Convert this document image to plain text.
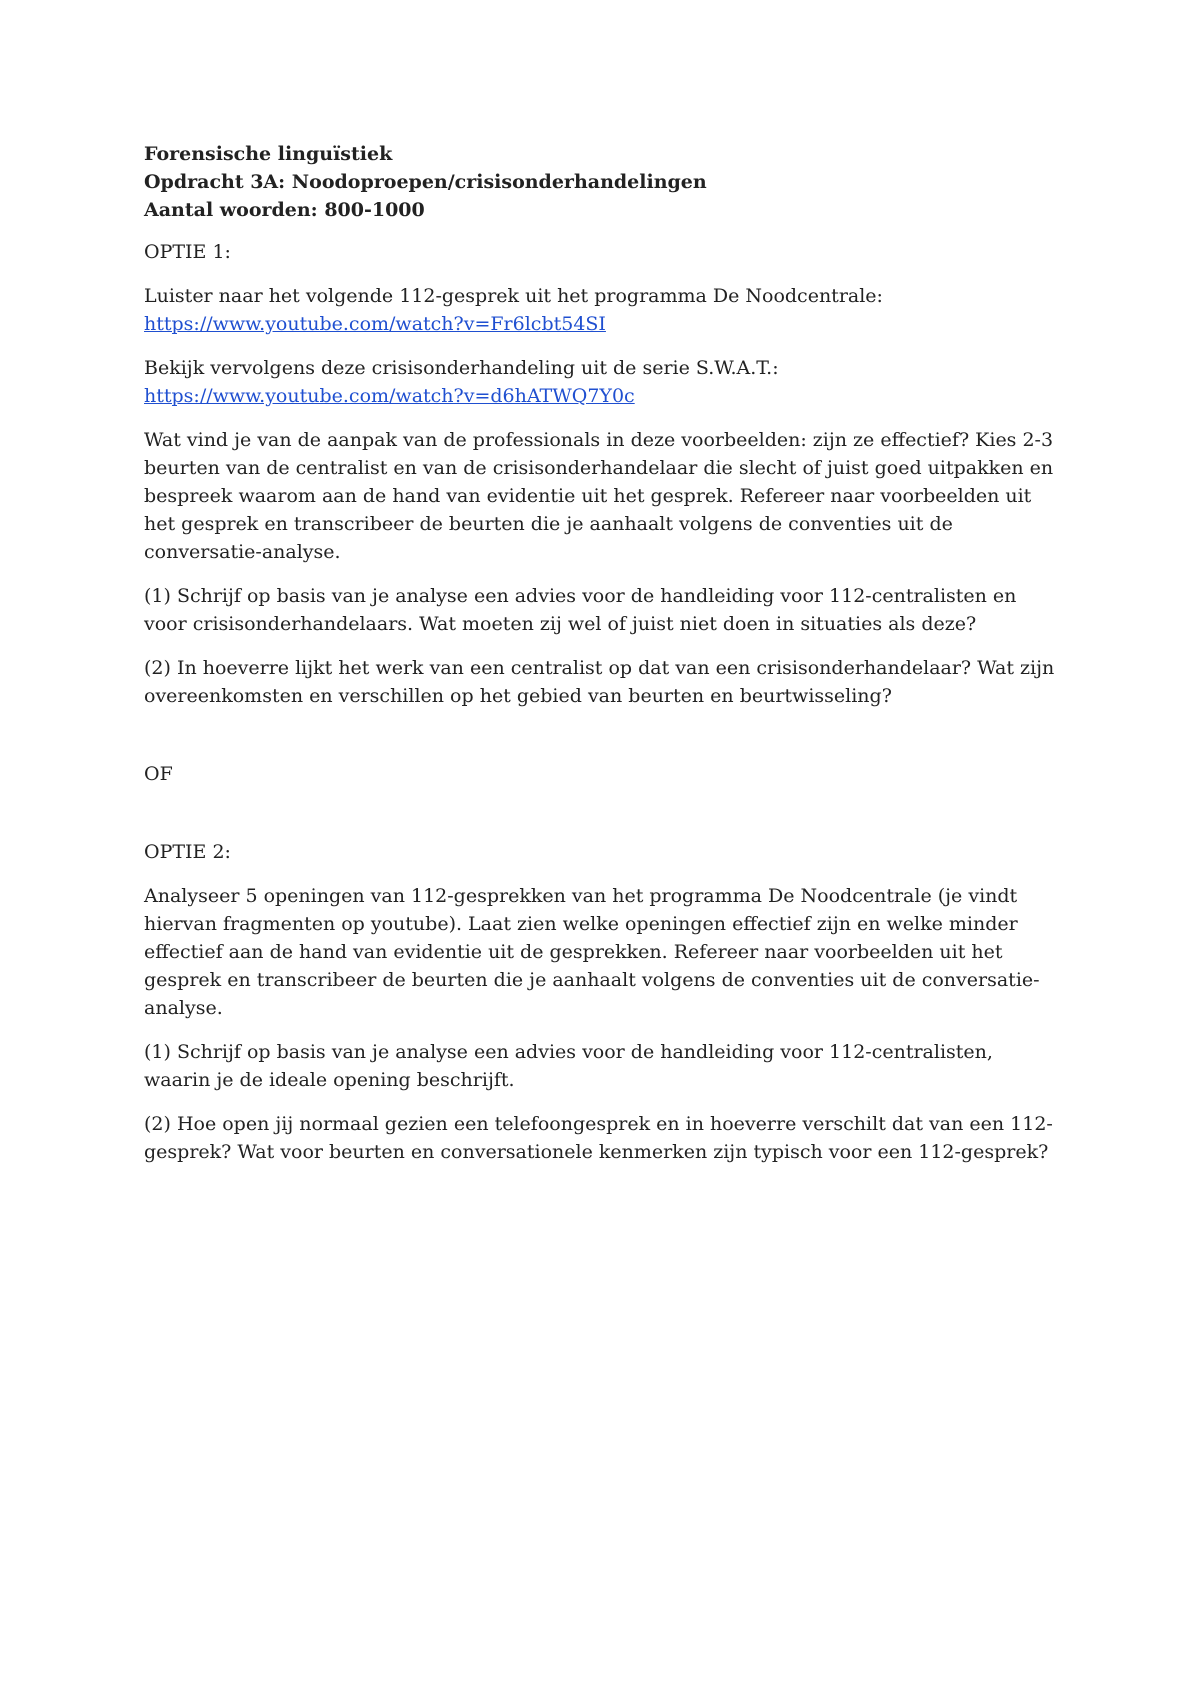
Forensische linguïstiek
Opdracht 3A: Noodoproepen/crisisonderhandelingen
Aantal woorden: 800-1000

OPTIE 1:

Luister naar het volgende 112-gesprek uit het programma De Noodcentrale:
https://www.youtube.com/watch?v=Fr6lcbt54SI

Bekijk vervolgens deze crisisonderhandeling uit de serie S.W.A.T.:
https://www.youtube.com/watch?v=d6hATWQ7Y0c

Wat vind je van de aanpak van de professionals in deze voorbeelden: zijn ze effectief? Kies 2-3 beurten van de centralist en van de crisisonderhandelaar die slecht of juist goed uitpakken en bespreek waarom aan de hand van evidentie uit het gesprek. Refereer naar voorbeelden uit het gesprek en transcribeer de beurten die je aanhaalt volgens de conventies uit de conversatie-analyse.

(1) Schrijf op basis van je analyse een advies voor de handleiding voor 112-centralisten en voor crisisonderhandelaars. Wat moeten zij wel of juist niet doen in situaties als deze?

(2) In hoeverre lijkt het werk van een centralist op dat van een crisisonderhandelaar? Wat zijn overeenkomsten en verschillen op het gebied van beurten en beurtwisseling?

OF

OPTIE 2:

Analyseer 5 openingen van 112-gesprekken van het programma De Noodcentrale (je vindt hiervan fragmenten op youtube). Laat zien welke openingen effectief zijn en welke minder effectief aan de hand van evidentie uit de gesprekken. Refereer naar voorbeelden uit het gesprek en transcribeer de beurten die je aanhaalt volgens de conventies uit de conversatie-analyse.

(1) Schrijf op basis van je analyse een advies voor de handleiding voor 112-centralisten, waarin je de ideale opening beschrijft.

(2) Hoe open jij normaal gezien een telefoongesprek en in hoeverre verschilt dat van een 112-gesprek? Wat voor beurten en conversationele kenmerken zijn typisch voor een 112-gesprek?
